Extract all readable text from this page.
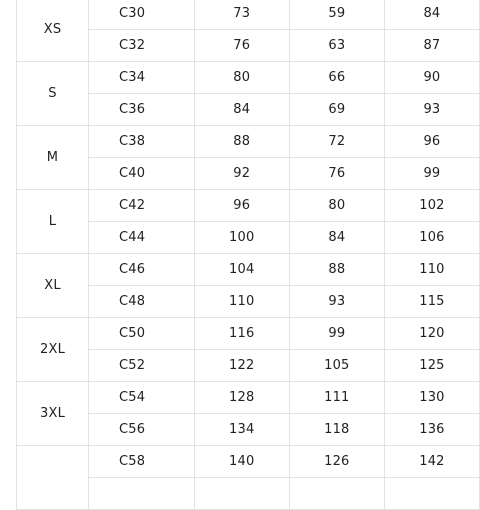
XS	C30	73	59	84
	C32	76	63	87
S	C34	80	66	90
	C36	84	69	93
M	C38	88	72	96
	C40	92	76	99
L	C42	96	80	102
	C44	100	84	106
XL	C46	104	88	110
	C48	110	93	115
2XL	C50	116	99	120
	C52	122	105	125
3XL	C54	128	111	130
	C56	134	118	136
	C58	140	126	142
